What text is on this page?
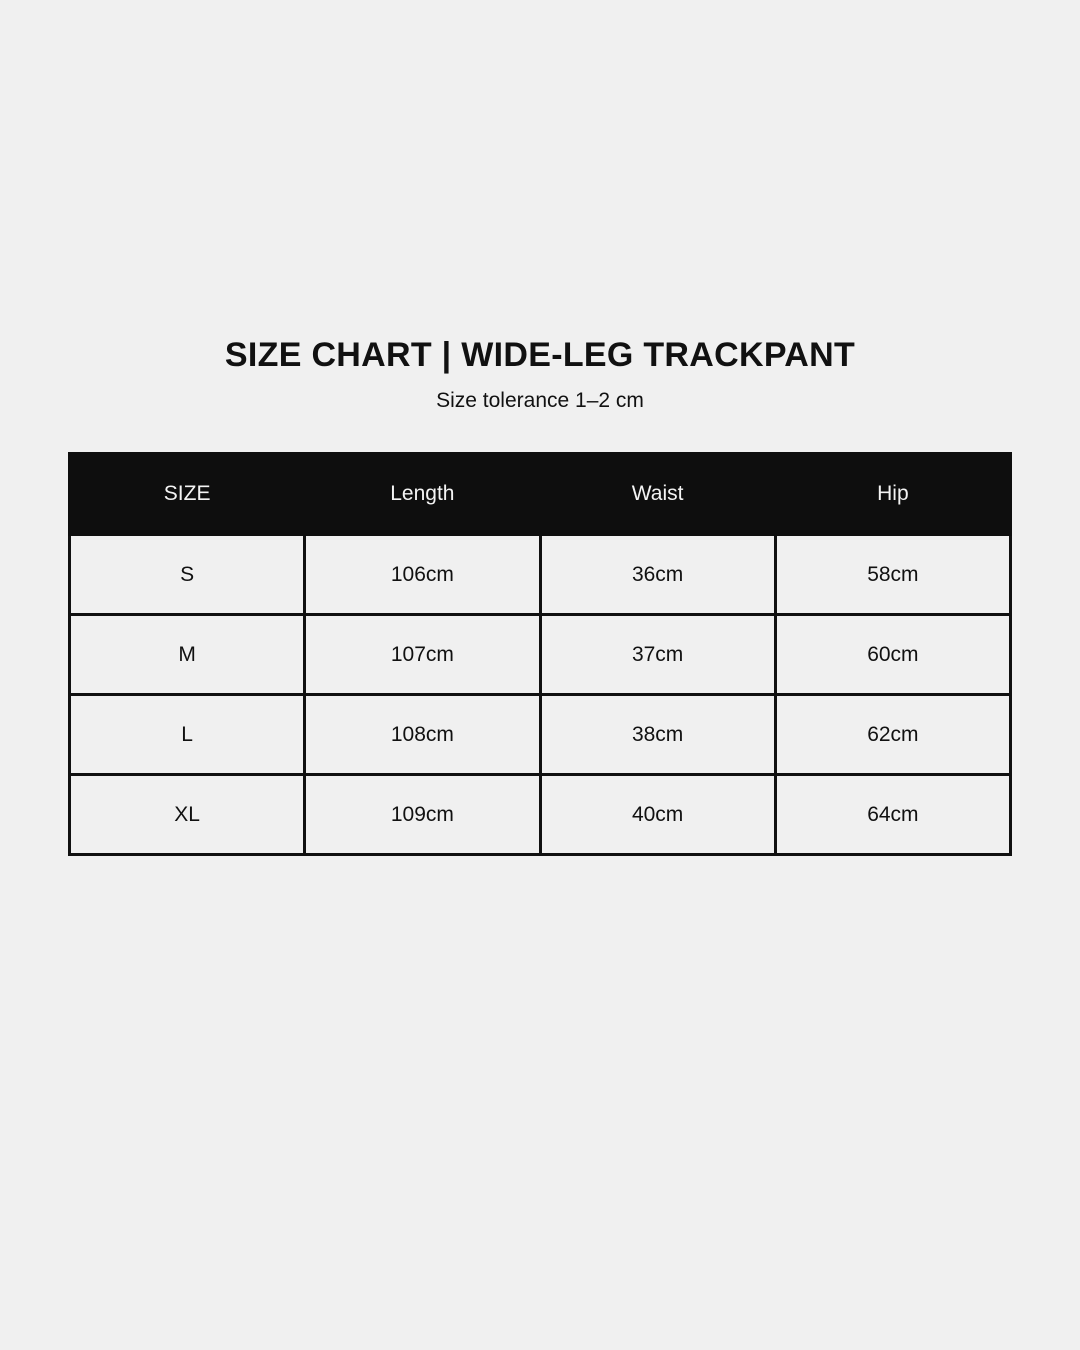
SIZE CHART | WIDE-LEG TRACKPANT
Size tolerance 1–2 cm
SIZE	Length	Waist	Hip
S	106cm	36cm	58cm
M	107cm	37cm	60cm
L	108cm	38cm	62cm
XL	109cm	40cm	64cm
